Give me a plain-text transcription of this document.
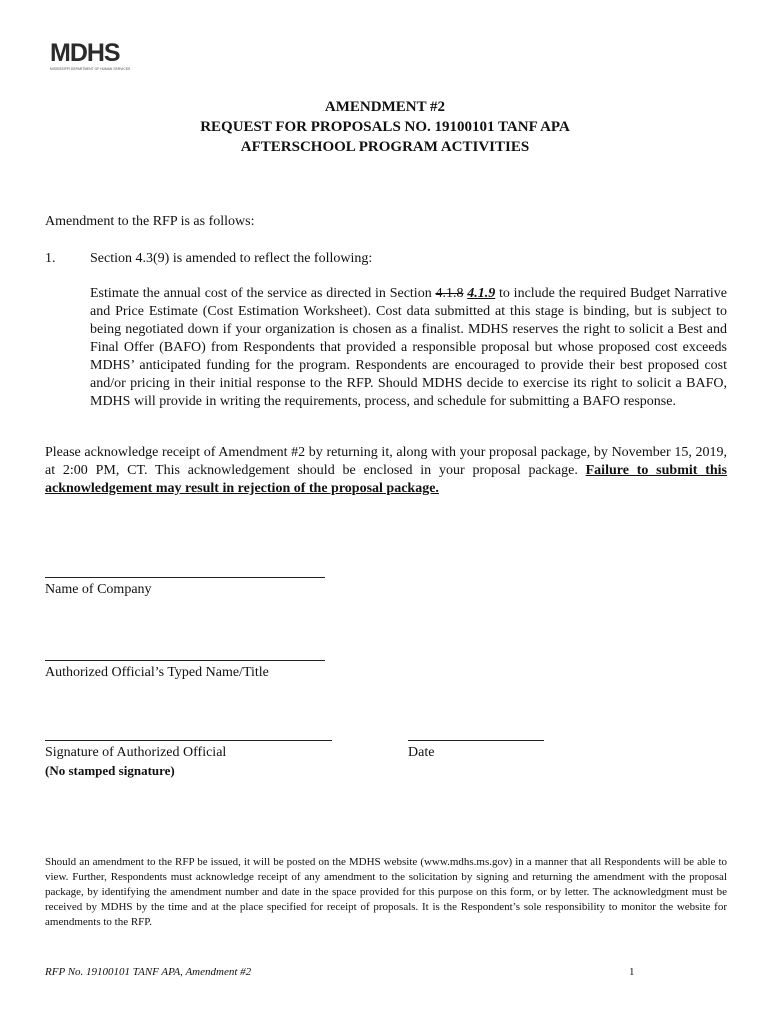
MDHS
MISSISSIPPI DEPARTMENT OF HUMAN SERVICES
AMENDMENT #2
REQUEST FOR PROPOSALS NO. 19100101 TANF APA
AFTERSCHOOL PROGRAM ACTIVITIES
Amendment to the RFP is as follows:
1. Section 4.3(9) is amended to reflect the following:
Estimate the annual cost of the service as directed in Section 4.1.8 4.1.9 to include the required Budget Narrative and Price Estimate (Cost Estimation Worksheet). Cost data submitted at this stage is binding, but is subject to being negotiated down if your organization is chosen as a finalist. MDHS reserves the right to solicit a Best and Final Offer (BAFO) from Respondents that provided a responsible proposal but whose proposed cost exceeds MDHS’ anticipated funding for the program. Respondents are encouraged to provide their best proposed cost and/or pricing in their initial response to the RFP. Should MDHS decide to exercise its right to solicit a BAFO, MDHS will provide in writing the requirements, process, and schedule for submitting a BAFO response.
Please acknowledge receipt of Amendment #2 by returning it, along with your proposal package, by November 15, 2019, at 2:00 PM, CT. This acknowledgement should be enclosed in your proposal package. Failure to submit this acknowledgement may result in rejection of the proposal package.
Name of Company
Authorized Official’s Typed Name/Title
Signature of Authorized Official
(No stamped signature)
Date
Should an amendment to the RFP be issued, it will be posted on the MDHS website (www.mdhs.ms.gov) in a manner that all Respondents will be able to view. Further, Respondents must acknowledge receipt of any amendment to the solicitation by signing and returning the amendment with the proposal package, by identifying the amendment number and date in the space provided for this purpose on this form, or by letter. The acknowledgment must be received by MDHS by the time and at the place specified for receipt of proposals. It is the Respondent’s sole responsibility to monitor the website for amendments to the RFP.
RFP No. 19100101 TANF APA, Amendment #2	1
